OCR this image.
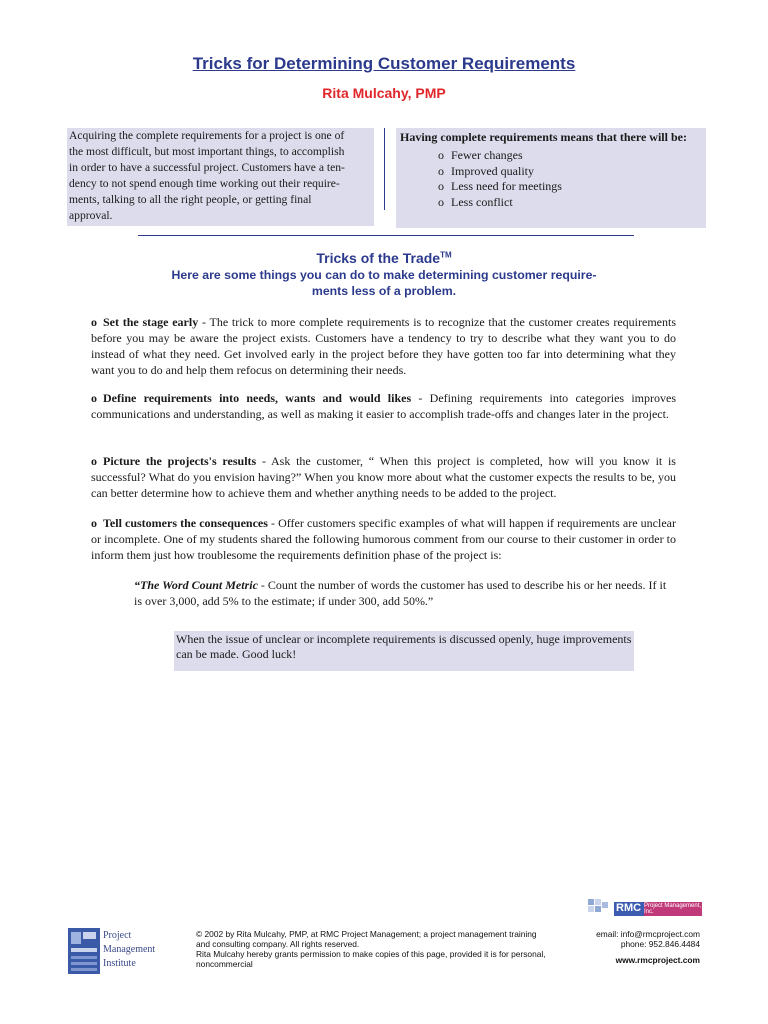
Tricks for Determining Customer Requirements
Rita Mulcahy, PMP
Acquiring the complete requirements for a project is one of
the most difficult, but most important things, to accomplish
in order to have a successful project. Customers have a ten-
dency to not spend enough time working out their require-
ments, talking to all the right people, or getting final
approval.
Having complete requirements means that there will be:
o Fewer changes
o Improved quality
o Less need for meetings
o Less conflict
Tricks of the Trade™
Here are some things you can do to make determining customer require-ments less of a problem.
o Set the stage early - The trick to more complete requirements is to recognize that the customer creates requirements before you may be aware the project exists. Customers have a tendency to try to describe what they want you to do instead of what they need. Get involved early in the project before they have gotten too far into determining what they want you to do and help them refocus on determining their needs.
o Define requirements into needs, wants and would likes - Defining requirements into categories improves communications and understanding, as well as making it easier to accomplish trade-offs and changes later in the project.
o Picture the projects's results - Ask the customer, “ When this project is completed, how will you know it is successful? What do you envision having?” When you know more about what the customer expects the results to be, you can better determine how to achieve them and whether anything needs to be added to the project.
o Tell customers the consequences - Offer customers specific examples of what will happen if requirements are unclear or incomplete. One of my students shared the following humorous comment from our course to their customer in order to inform them just how troublesome the requirements definition phase of the project is:
“The Word Count Metric - Count the number of words the customer has used to describe his or her needs. If it is over 3,000, add 5% to the estimate; if under 300, add 50%.”
When the issue of unclear or incomplete requirements is discussed openly, huge improvements can be made. Good luck!
RMC Project Management, Inc.
Project
Management
Institute
© 2002 by Rita Mulcahy, PMP, at RMC Project Management; a project management training
and consulting company. All rights reserved.
Rita Mulcahy hereby grants permission to make copies of this page, provided it is for personal,
noncommercial
email: info@rmcproject.com
phone: 952.846.4484
www.rmcproject.com
